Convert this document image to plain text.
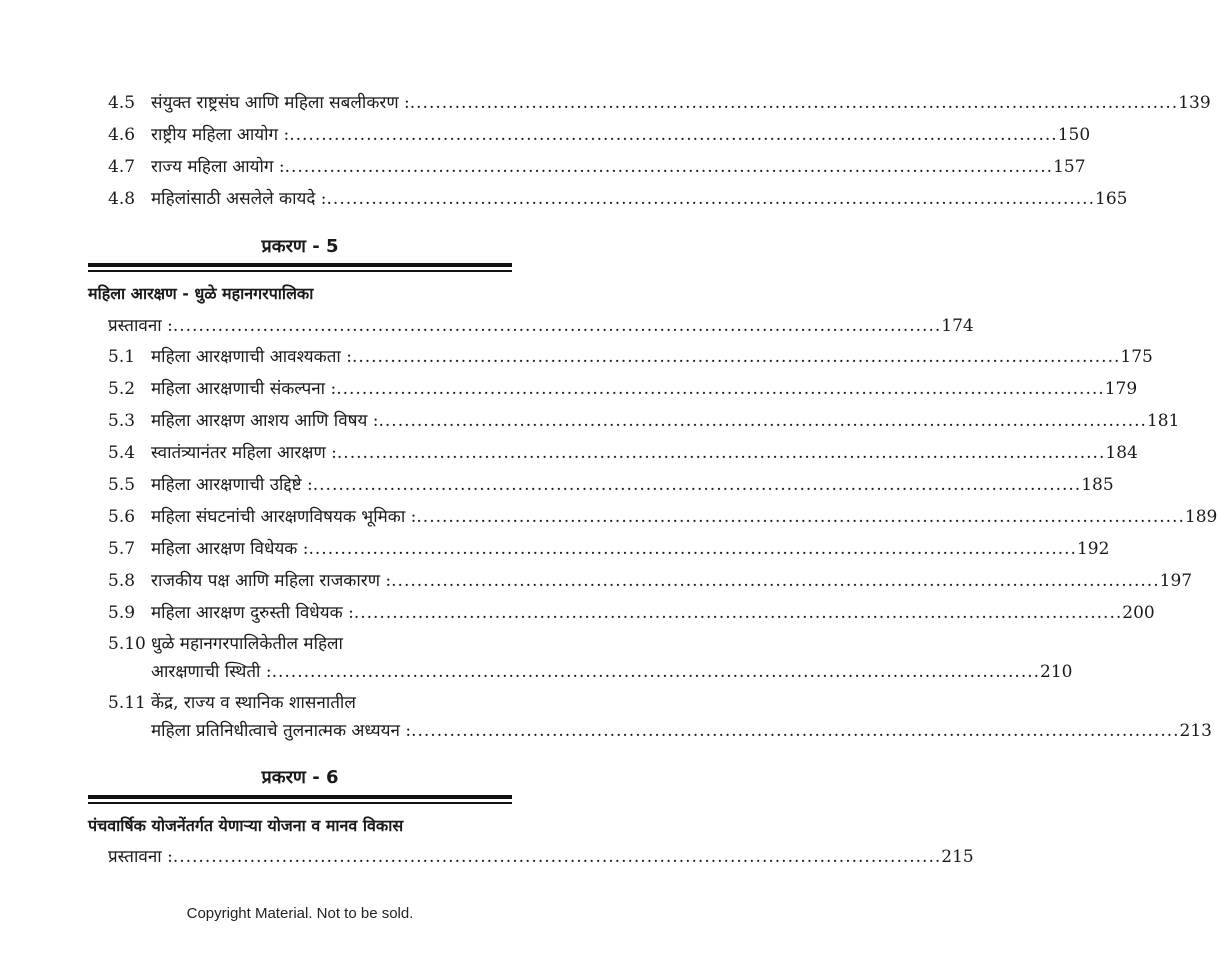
4.5 संयुक्त राष्ट्रसंघ आणि महिला सबलीकरण : ........................................................................................................................ 139
4.6 राष्ट्रीय महिला आयोग : ........................................................................................................................ 150
4.7 राज्य महिला आयोग : ........................................................................................................................ 157
4.8 महिलांसाठी असलेले कायदे : ........................................................................................................................ 165
प्रकरण - 5
महिला आरक्षण - धुळे महानगरपालिका
प्रस्तावना : ........................................................................................................................ 174
5.1 महिला आरक्षणाची आवश्यकता : ........................................................................................................................ 175
5.2 महिला आरक्षणाची संकल्पना : ........................................................................................................................ 179
5.3 महिला आरक्षण आशय आणि विषय : ........................................................................................................................ 181
5.4 स्वातंत्र्यानंतर महिला आरक्षण : ........................................................................................................................ 184
5.5 महिला आरक्षणाची उद्दिष्टे : ........................................................................................................................ 185
5.6 महिला संघटनांची आरक्षणविषयक भूमिका : ........................................................................................................................ 189
5.7 महिला आरक्षण विधेयक : ........................................................................................................................ 192
5.8 राजकीय पक्ष आणि महिला राजकारण : ........................................................................................................................ 197
5.9 महिला आरक्षण दुरुस्ती विधेयक : ........................................................................................................................ 200
5.10 धुळे महानगरपालिकेतील महिला
आरक्षणाची स्थिती : ........................................................................................................................ 210
5.11 केंद्र, राज्य व स्थानिक शासनातील
महिला प्रतिनिधीत्वाचे तुलनात्मक अध्ययन : ........................................................................................................................ 213
प्रकरण - 6
पंचवार्षिक योजनेंतर्गत येणाऱ्या योजना व मानव विकास
प्रस्तावना : ........................................................................................................................ 215
Copyright Material. Not to be sold.
